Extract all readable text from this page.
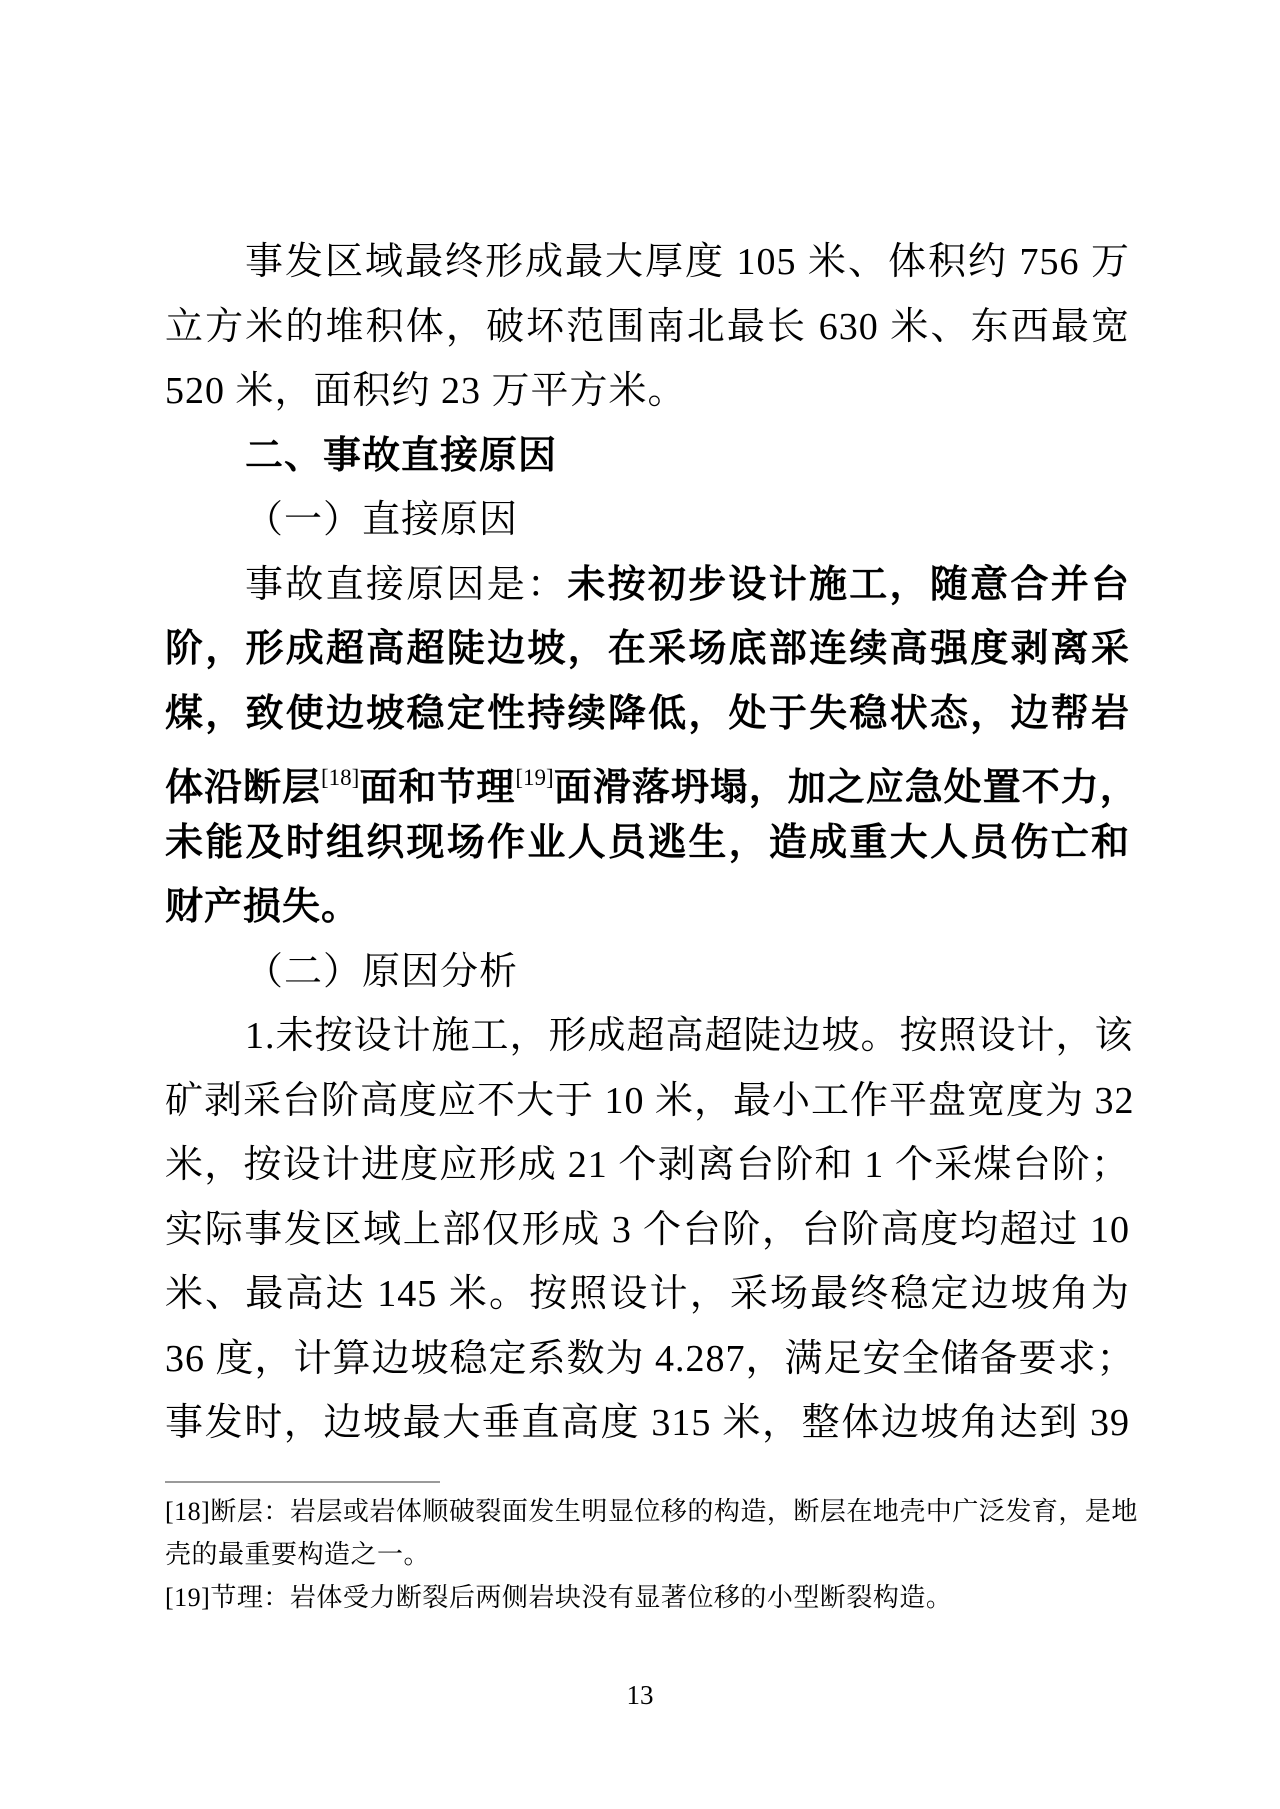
事发区域最终形成最大厚度 105 米、体积约 756 万
立方米的堆积体，破坏范围南北最长 630 米、东西最宽
520 米，面积约 23 万平方米。
二、事故直接原因
（一）直接原因
事故直接原因是：未按初步设计施工，随意合并台
阶，形成超高超陡边坡，在采场底部连续高强度剥离采
煤，致使边坡稳定性持续降低，处于失稳状态，边帮岩
体沿断层[18]面和节理[19]面滑落坍塌，加之应急处置不力，
未能及时组织现场作业人员逃生，造成重大人员伤亡和
财产损失。
（二）原因分析
1.未按设计施工，形成超高超陡边坡。按照设计，该
矿剥采台阶高度应不大于 10 米，最小工作平盘宽度为 32
米，按设计进度应形成 21 个剥离台阶和 1 个采煤台阶；
实际事发区域上部仅形成 3 个台阶，台阶高度均超过 10
米、最高达 145 米。按照设计，采场最终稳定边坡角为
36 度，计算边坡稳定系数为 4.287，满足安全储备要求；
事发时，边坡最大垂直高度 315 米，整体边坡角达到 39
[18]断层：岩层或岩体顺破裂面发生明显位移的构造，断层在地壳中广泛发育，是地
壳的最重要构造之一。
[19]节理：岩体受力断裂后两侧岩块没有显著位移的小型断裂构造。
13
